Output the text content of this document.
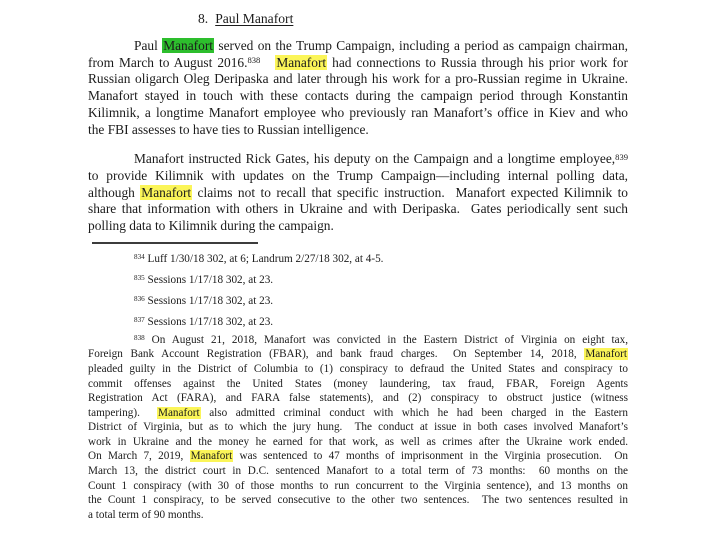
8. Paul Manafort
Paul Manafort served on the Trump Campaign, including a period as campaign chairman,
from March to August 2016.$^{838}$ Manafort had connections to Russia through his prior work for
Russian oligarch Oleg Deripaska and later through his work for a pro-Russian regime in Ukraine.
Manafort stayed in touch with these contacts during the campaign period through Konstantin
Kilimnik, a longtime Manafort employee who previously ran Manafort’s office in Kiev and who
the FBI assesses to have ties to Russian intelligence.
Manafort instructed Rick Gates, his deputy on the Campaign and a longtime employee,$^{839}$
to provide Kilimnik with updates on the Trump Campaign—including internal polling data,
although Manafort claims not to recall that specific instruction.  Manafort expected Kilimnik to
share that information with others in Ukraine and with Deripaska.  Gates periodically sent such
polling data to Kilimnik during the campaign.
$^{834}$ Luff 1/30/18 302, at 6; Landrum 2/27/18 302, at 4-5.
$^{835}$ Sessions 1/17/18 302, at 23.
$^{836}$ Sessions 1/17/18 302, at 23.
$^{837}$ Sessions 1/17/18 302, at 23.
$^{838}$ On August 21, 2018, Manafort was convicted in the Eastern District of Virginia on eight tax,
Foreign Bank Account Registration (FBAR), and bank fraud charges.  On September 14, 2018, Manafort
pleaded guilty in the District of Columbia to (1) conspiracy to defraud the United States and conspiracy to
commit offenses against the United States (money laundering, tax fraud, FBAR, Foreign Agents
Registration Act (FARA), and FARA false statements), and (2) conspiracy to obstruct justice (witness
tampering).  Manafort also admitted criminal conduct with which he had been charged in the Eastern
District of Virginia, but as to which the jury hung.  The conduct at issue in both cases involved Manafort’s
work in Ukraine and the money he earned for that work, as well as crimes after the Ukraine work ended.
On March 7, 2019, Manafort was sentenced to 47 months of imprisonment in the Virginia prosecution.  On
March 13, the district court in D.C. sentenced Manafort to a total term of 73 months:  60 months on the
Count 1 conspiracy (with 30 of those months to run concurrent to the Virginia sentence), and 13 months on
the Count 1 conspiracy, to be served consecutive to the other two sentences.  The two sentences resulted in
a total term of 90 months.
